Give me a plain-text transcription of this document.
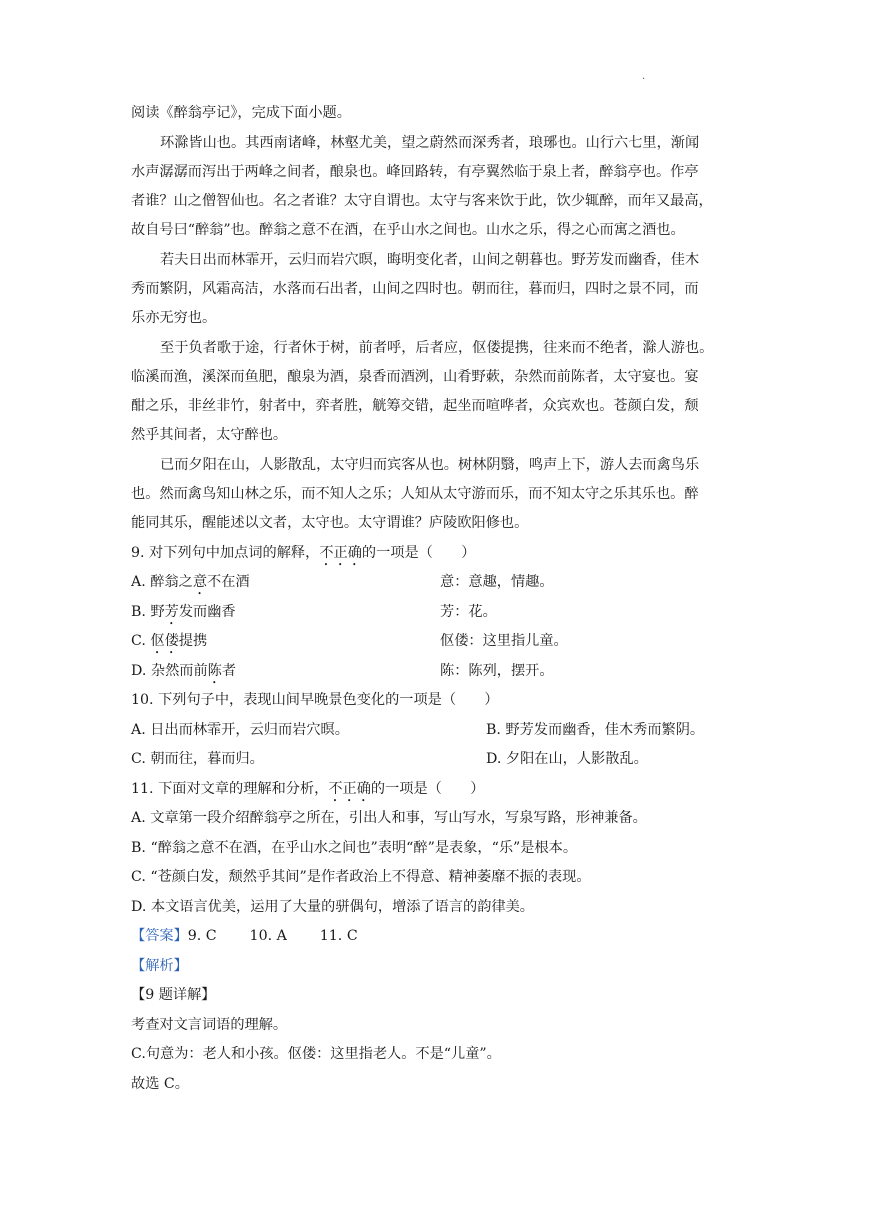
·
阅读《醉翁亭记》，完成下面小题。
环滁皆山也。其西南诸峰，林壑尤美，望之蔚然而深秀者，琅琊也。山行六七里，渐闻
水声潺潺而泻出于两峰之间者，酿泉也。峰回路转，有亭翼然临于泉上者，醉翁亭也。作亭
者谁？山之僧智仙也。名之者谁？太守自谓也。太守与客来饮于此，饮少辄醉，而年又最高，
故自号曰“醉翁”也。醉翁之意不在酒，在乎山水之间也。山水之乐，得之心而寓之酒也。
若夫日出而林霏开，云归而岩穴暝，晦明变化者，山间之朝暮也。野芳发而幽香，佳木
秀而繁阴，风霜高洁，水落而石出者，山间之四时也。朝而往，暮而归，四时之景不同，而
乐亦无穷也。
至于负者歌于途，行者休于树，前者呼，后者应，伛偻提携，往来而不绝者，滁人游也。
临溪而渔，溪深而鱼肥，酿泉为酒，泉香而酒洌，山肴野蔌，杂然而前陈者，太守宴也。宴
酣之乐，非丝非竹，射者中，弈者胜，觥筹交错，起坐而喧哗者，众宾欢也。苍颜白发，颓
然乎其间者，太守醉也。
已而夕阳在山，人影散乱，太守归而宾客从也。树林阴翳，鸣声上下，游人去而禽鸟乐
也。然而禽鸟知山林之乐，而不知人之乐；人知从太守游而乐，而不知太守之乐其乐也。醉
能同其乐，醒能述以文者，太守也。太守谓谁？庐陵欧阳修也。
9. 对下列句中加点词的解释，不正确的一项是（　　）
A. 醉翁之意不在酒	意：意趣，情趣。
B. 野芳发而幽香	芳：花。
C. 伛偻提携	伛偻：这里指儿童。
D. 杂然而前陈者	陈：陈列，摆开。
10. 下列句子中，表现山间早晚景色变化的一项是（　　）
A. 日出而林霏开，云归而岩穴暝。	B. 野芳发而幽香，佳木秀而繁阴。
C. 朝而往，暮而归。	D. 夕阳在山，人影散乱。
11. 下面对文章的理解和分析，不正确的一项是（　　）
A. 文章第一段介绍醉翁亭之所在，引出人和事，写山写水，写泉写路，形神兼备。
B. “醉翁之意不在酒，在乎山水之间也”表明“醉”是表象，“乐”是根本。
C. “苍颜白发，颓然乎其间”是作者政治上不得意、精神萎靡不振的表现。
D. 本文语言优美，运用了大量的骈偶句，增添了语言的韵律美。
【答案】9. C　　 10. A　　 11. C
【解析】
【9 题详解】
考查对文言词语的理解。
C.句意为：老人和小孩。伛偻：这里指老人。不是“儿童”。
故选 C。
